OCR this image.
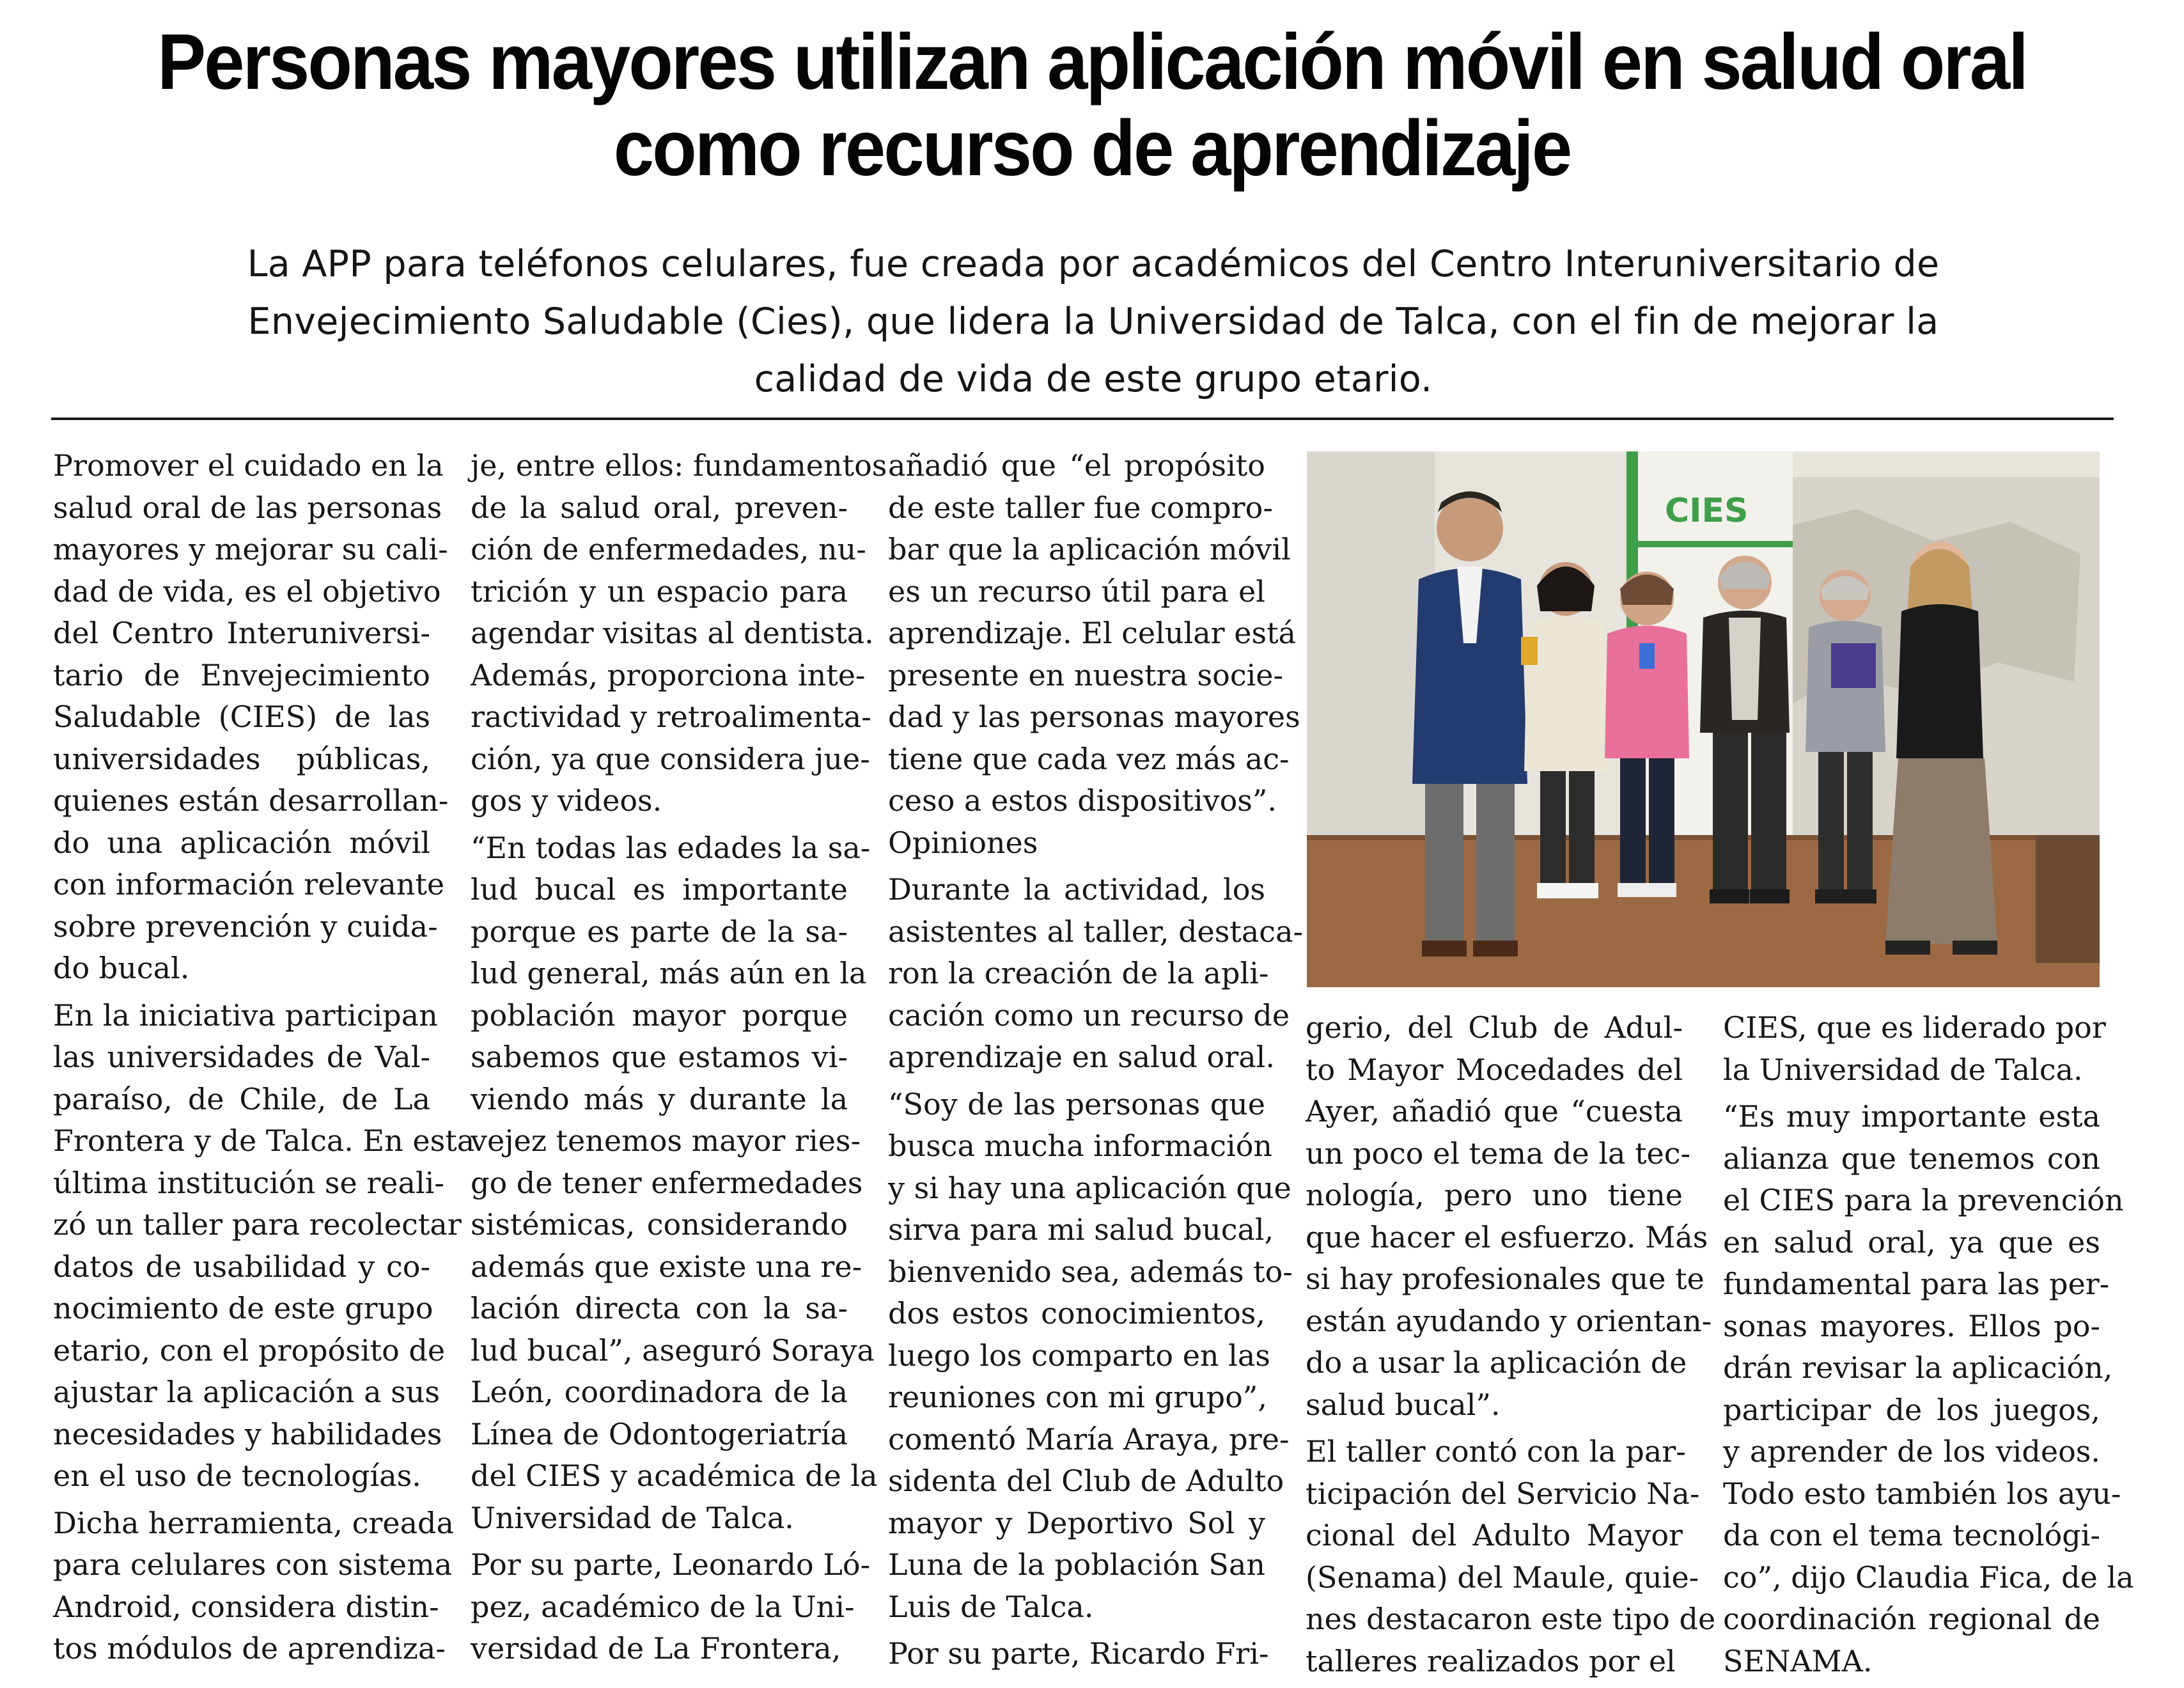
Personas mayores utilizan aplicación móvil en salud oral
como recurso de aprendizaje
La APP para teléfonos celulares, fue creada por académicos del Centro Interuniversitario de
Envejecimiento Saludable (Cies), que lidera la Universidad de Talca, con el fin de mejorar la
calidad de vida de este grupo etario.

Promover el cuidado en la
salud oral de las personas
mayores y mejorar su cali-
dad de vida, es el objetivo
del Centro Interuniversi-
tario de Envejecimiento
Saludable (CIES) de las
universidades públicas,
quienes están desarrollan-
do una aplicación móvil
con información relevante
sobre prevención y cuida-
do bucal.

En la iniciativa participan
las universidades de Val-
paraíso, de Chile, de La
Frontera y de Talca. En esta
última institución se reali-
zó un taller para recolectar
datos de usabilidad y co-
nocimiento de este grupo
etario, con el propósito de
ajustar la aplicación a sus
necesidades y habilidades
en el uso de tecnologías.

Dicha herramienta, creada
para celulares con sistema
Android, considera distin-
tos módulos de aprendiza-

je, entre ellos: fundamentos
de la salud oral, preven-
ción de enfermedades, nu-
trición y un espacio para
agendar visitas al dentista.
Además, proporciona inte-
ractividad y retroalimenta-
ción, ya que considera jue-
gos y videos.

“En todas las edades la sa-
lud bucal es importante
porque es parte de la sa-
lud general, más aún en la
población mayor porque
sabemos que estamos vi-
viendo más y durante la
vejez tenemos mayor ries-
go de tener enfermedades
sistémicas, considerando
además que existe una re-
lación directa con la sa-
lud bucal”, aseguró Soraya
León, coordinadora de la
Línea de Odontogeriatría
del CIES y académica de la
Universidad de Talca.

Por su parte, Leonardo Ló-
pez, académico de la Uni-
versidad de La Frontera,

añadió que “el propósito
de este taller fue compro-
bar que la aplicación móvil
es un recurso útil para el
aprendizaje. El celular está
presente en nuestra socie-
dad y las personas mayores
tiene que cada vez más ac-
ceso a estos dispositivos”.

Opiniones

Durante la actividad, los
asistentes al taller, destaca-
ron la creación de la apli-
cación como un recurso de
aprendizaje en salud oral.

“Soy de las personas que
busca mucha información
y si hay una aplicación que
sirva para mi salud bucal,
bienvenido sea, además to-
dos estos conocimientos,
luego los comparto en las
reuniones con mi grupo”,
comentó María Araya, pre-
sidenta del Club de Adulto
mayor y Deportivo Sol y
Luna de la población San
Luis de Talca.

Por su parte, Ricardo Fri-

gerio, del Club de Adul-
to Mayor Mocedades del
Ayer, añadió que “cuesta
un poco el tema de la tec-
nología, pero uno tiene
que hacer el esfuerzo. Más
si hay profesionales que te
están ayudando y orientan-
do a usar la aplicación de
salud bucal”.

El taller contó con la par-
ticipación del Servicio Na-
cional del Adulto Mayor
(Senama) del Maule, quie-
nes destacaron este tipo de
talleres realizados por el

CIES, que es liderado por
la Universidad de Talca.

“Es muy importante esta
alianza que tenemos con
el CIES para la prevención
en salud oral, ya que es
fundamental para las per-
sonas mayores. Ellos po-
drán revisar la aplicación,
participar de los juegos,
y aprender de los videos.
Todo esto también los ayu-
da con el tema tecnológi-
co”, dijo Claudia Fica, de la
coordinación regional de
SENAMA.

CIES
